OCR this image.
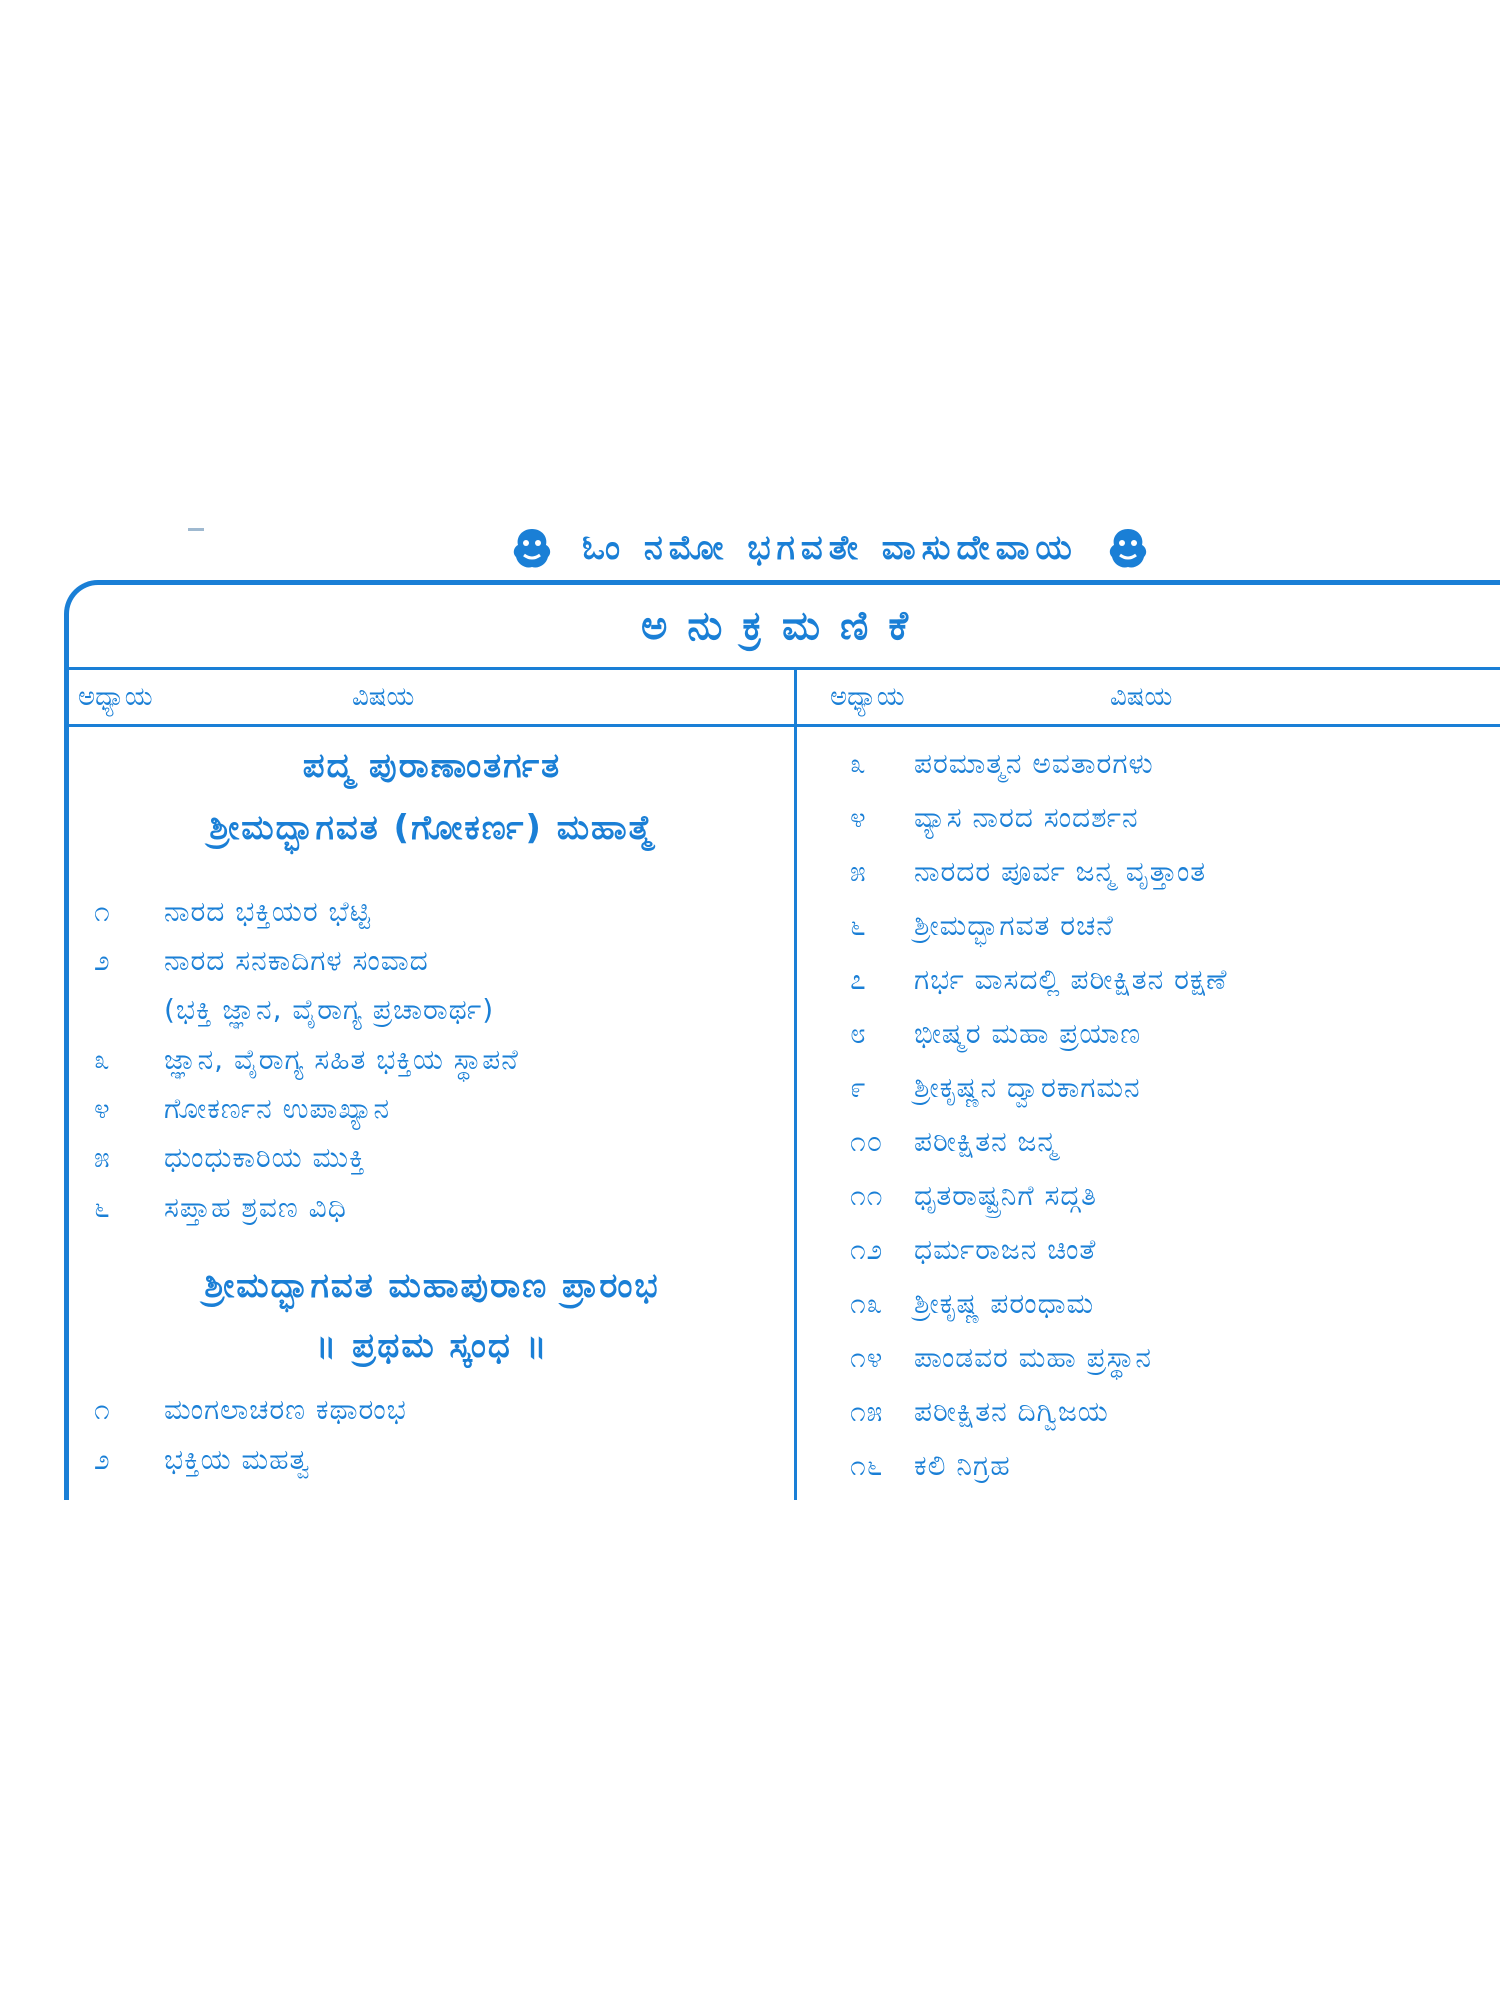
ಓಂ ನಮೋ ಭಗವತೇ ವಾಸುದೇವಾಯ
ಅನುಕ್ರಮಣಿಕೆ
ಅಧ್ಯಾಯ	ವಿಷಯ	ಅಧ್ಯಾಯ	ವಿಷಯ
ಪದ್ಮ ಪುರಾಣಾಂತರ್ಗತ
ಶ್ರೀಮದ್ಭಾಗವತ (ಗೋಕರ್ಣ) ಮಹಾತ್ಮೆ
೧	ನಾರದ ಭಕ್ತಿಯರ ಭೆಟ್ಟಿ
೨	ನಾರದ ಸನಕಾದಿಗಳ ಸಂವಾದ
(ಭಕ್ತಿ ಜ್ಞಾನ, ವೈರಾಗ್ಯ ಪ್ರಚಾರಾರ್ಥ)
೩	ಜ್ಞಾನ, ವೈರಾಗ್ಯ ಸಹಿತ ಭಕ್ತಿಯ ಸ್ಥಾಪನೆ
೪	ಗೋಕರ್ಣನ ಉಪಾಖ್ಯಾನ
೫	ಧುಂಧುಕಾರಿಯ ಮುಕ್ತಿ
೬	ಸಪ್ತಾಹ ಶ್ರವಣ ವಿಧಿ
ಶ್ರೀಮದ್ಭಾಗವತ ಮಹಾಪುರಾಣ ಪ್ರಾರಂಭ
॥ ಪ್ರಥಮ ಸ್ಕಂಧ ॥
೧	ಮಂಗಲಾಚರಣ ಕಥಾರಂಭ
೨	ಭಕ್ತಿಯ ಮಹತ್ವ
೩	ಪರಮಾತ್ಮನ ಅವತಾರಗಳು
೪	ವ್ಯಾಸ ನಾರದ ಸಂದರ್ಶನ
೫	ನಾರದರ ಪೂರ್ವ ಜನ್ಮ ವೃತ್ತಾಂತ
೬	ಶ್ರೀಮದ್ಭಾಗವತ ರಚನೆ
೭	ಗರ್ಭ ವಾಸದಲ್ಲಿ ಪರೀಕ್ಷಿತನ ರಕ್ಷಣೆ
೮	ಭೀಷ್ಮರ ಮಹಾ ಪ್ರಯಾಣ
೯	ಶ್ರೀಕೃಷ್ಣನ ದ್ವಾರಕಾಗಮನ
೧೦	ಪರೀಕ್ಷಿತನ ಜನ್ಮ
೧೧	ಧೃತರಾಷ್ಟ್ರನಿಗೆ ಸದ್ಗತಿ
೧೨	ಧರ್ಮರಾಜನ ಚಿಂತೆ
೧೩	ಶ್ರೀಕೃಷ್ಣ ಪರಂಧಾಮ
೧೪	ಪಾಂಡವರ ಮಹಾ ಪ್ರಸ್ಥಾನ
೧೫	ಪರೀಕ್ಷಿತನ ದಿಗ್ವಿಜಯ
೧೬	ಕಲಿ ನಿಗ್ರಹ
